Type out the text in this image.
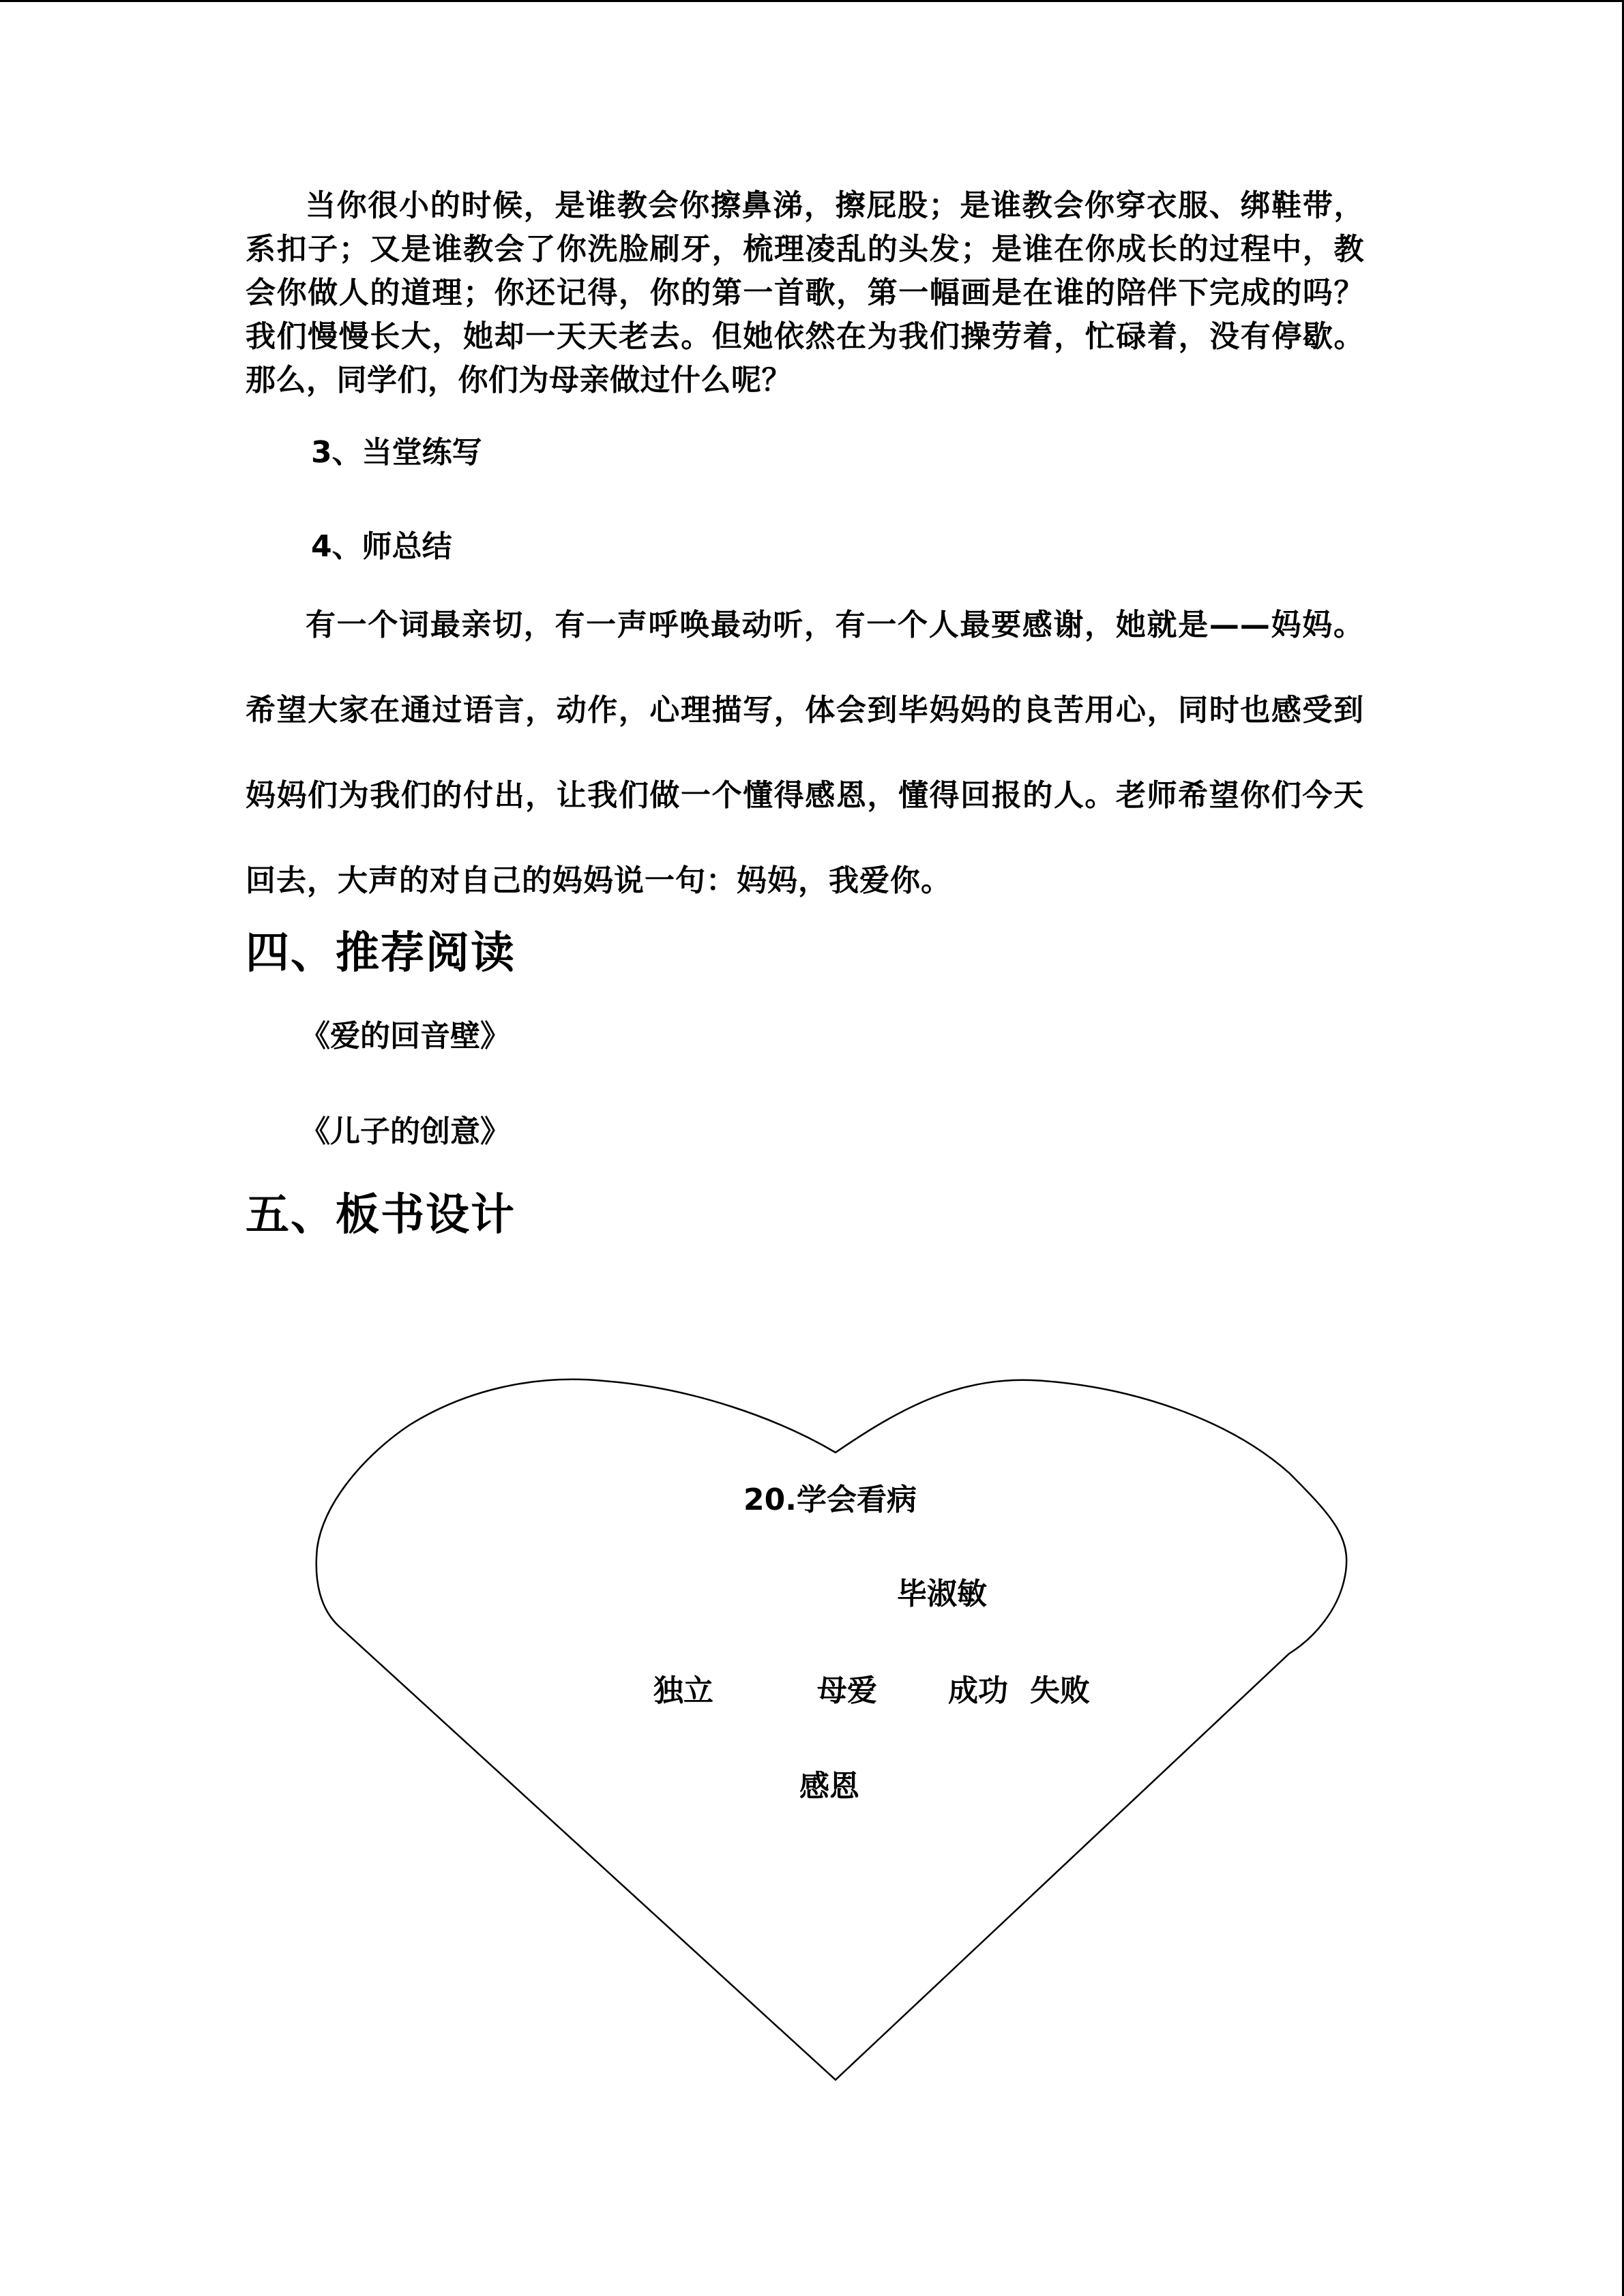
当你很小的时候，是谁教会你擦鼻涕，擦屁股；是谁教会你穿衣服、绑鞋带，系扣子；又是谁教会了你洗脸刷牙，梳理凌乱的头发；是谁在你成长的过程中，教会你做人的道理；你还记得，你的第一首歌，第一幅画是在谁的陪伴下完成的吗？我们慢慢长大，她却一天天老去。但她依然在为我们操劳着，忙碌着，没有停歇。那么，同学们，你们为母亲做过什么呢？

3、当堂练写

4、师总结

有一个词最亲切，有一声呼唤最动听，有一个人最要感谢，她就是——妈妈。希望大家在通过语言，动作，心理描写，体会到毕妈妈的良苦用心，同时也感受到妈妈们为我们的付出，让我们做一个懂得感恩，懂得回报的人。老师希望你们今天回去，大声的对自己的妈妈说一句：妈妈，我爱你。

四、推荐阅读

《爱的回音壁》

《儿子的创意》

五、板书设计
20.学会看病
毕淑敏
独立	母爱 成功 失败
感恩
